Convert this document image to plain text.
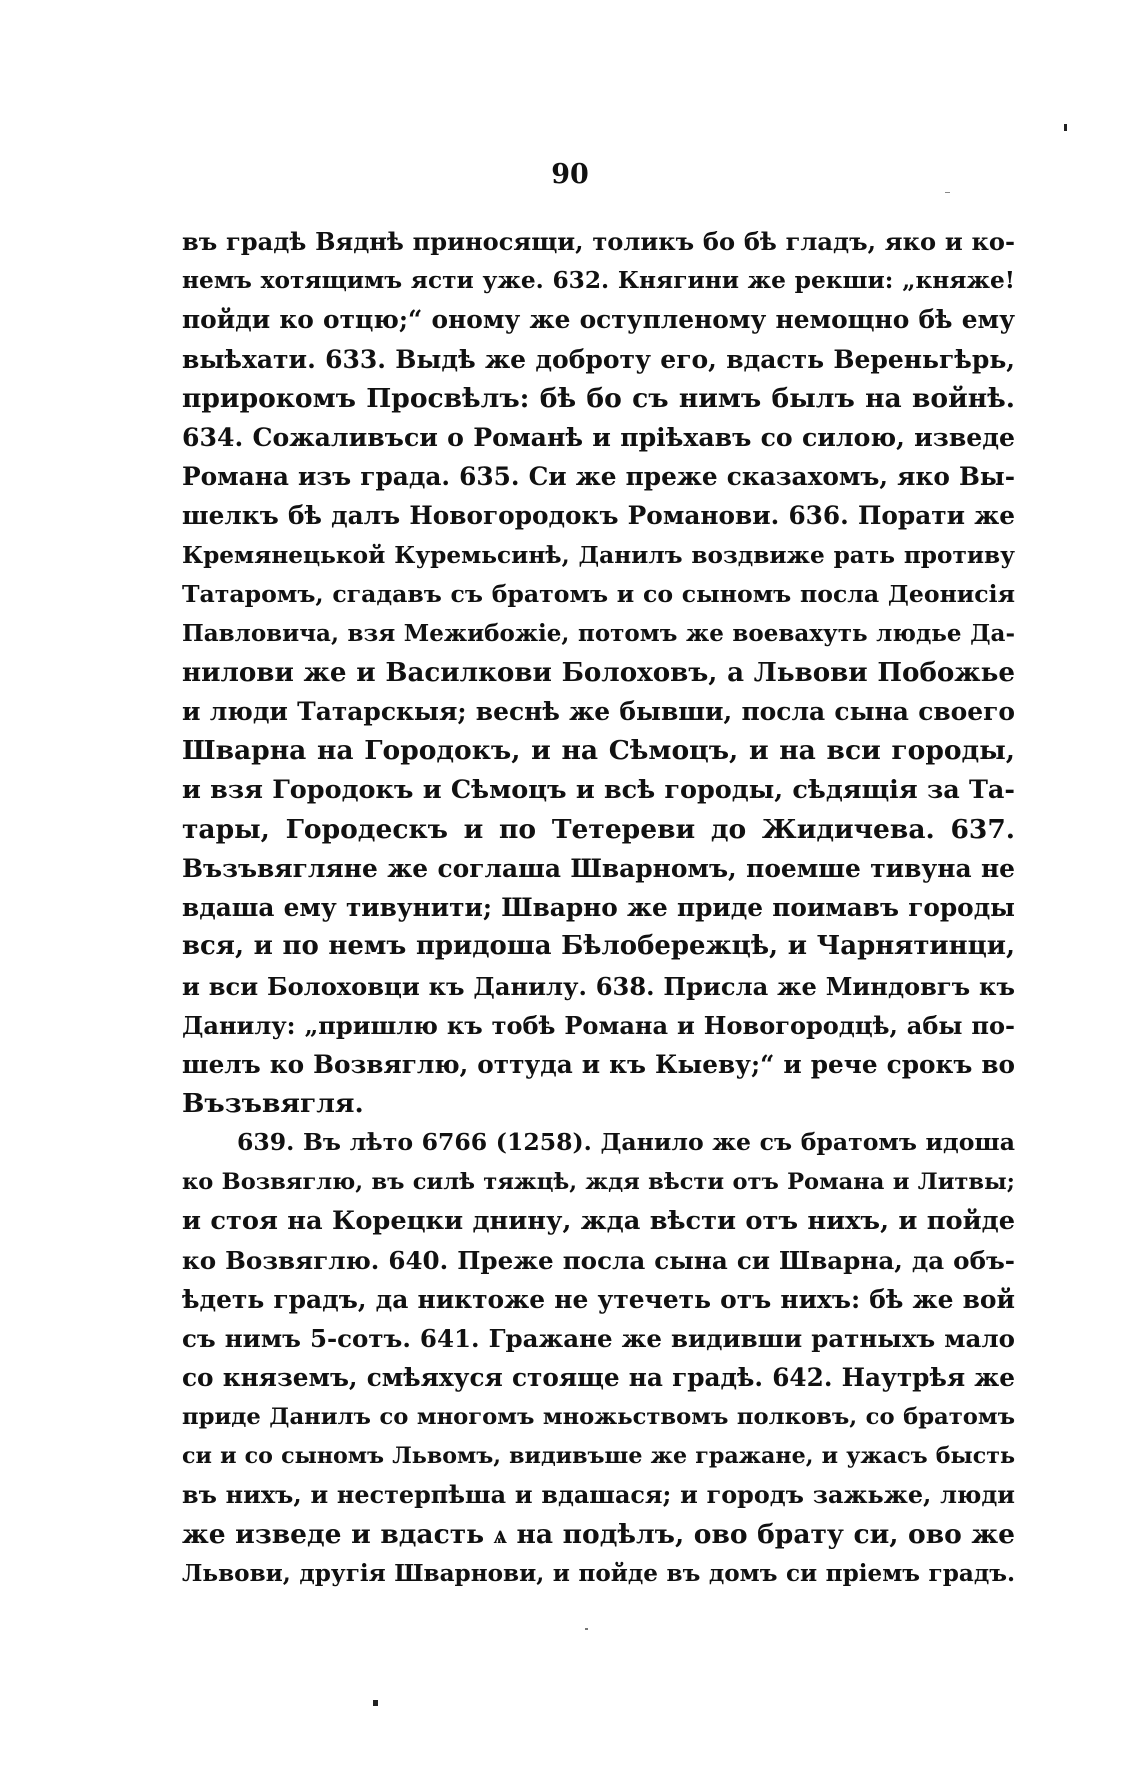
90
въ градѣ Вяднѣ приносящи, толикъ бо бѣ гладъ, яко и ко-
немъ хотящимъ ясти уже. 632. Княгини же рекши: „княже!
пойди ко отцю;“ оному же оступленому немощно бѣ ему
выѣхати. 633. Выдѣ же доброту его, вдасть Вереньгѣрь,
прирокомъ Просвѣлъ: бѣ бо съ нимъ былъ на войнѣ.
634. Сожаливъси о Романѣ и прiѣхавъ со силою, изведе
Романа изъ града. 635. Си же преже сказахомъ, яко Вы-
шелкъ бѣ далъ Новогородокъ Романови. 636. Порати же
Кремянецькой Куремьсинѣ, Данилъ воздвиже рать противу
Татаромъ, сгадавъ съ братомъ и со сыномъ посла Деонисiя
Павловича, взя Межибожiе, потомъ же воевахуть людье Да-
нилови же и Василкови Болоховъ, а Львови Побожье
и люди Татарскыя; веснѣ же бывши, посла сына своего
Шварна на Городокъ, и на Сѣмоцъ, и на вси городы,
и взя Городокъ и Сѣмоцъ и всѣ городы, сѣдящiя за Та-
тары, Городескъ и по Тетереви до Жидичева. 637.
Възъвягляне же соглаша Шварномъ, поемше тивуна не
вдаша ему тивунити; Шварно же приде поимавъ городы
вся, и по немъ придоша Бѣлобережцѣ, и Чарнятинци,
и вси Болоховци къ Данилу. 638. Присла же Миндовгъ къ
Данилу: „пришлю къ тобѣ Романа и Новогородцѣ, абы по-
шелъ ко Возвяглю, оттуда и къ Кыеву;“ и рече срокъ во
Възъвягля.
639. Въ лѣто 6766 (1258). Данило же съ братомъ идоша
ко Возвяглю, въ силѣ тяжцѣ, ждя вѣсти отъ Романа и Литвы;
и стоя на Корецки днину, жда вѣсти отъ нихъ, и пойде
ко Возвяглю. 640. Преже посла сына си Шварна, да объ-
ѣдеть градъ, да никтоже не утечеть отъ нихъ: бѣ же вой
съ нимъ 5-сотъ. 641. Гражане же видивши ратныхъ мало
со княземъ, смѣяхуся стояще на градѣ. 642. Наутрѣя же
приде Данилъ со многомъ множьствомъ полковъ, со братомъ
си и со сыномъ Львомъ, видивъше же гражане, и ужасъ бысть
въ нихъ, и нестерпѣша и вдашася; и городъ зажьже, люди
же изведе и вдасть ѧ на подѣлъ, ово брату си, ово же
Львови, другiя Шварнови, и пойде въ домъ си прiемъ градъ.
